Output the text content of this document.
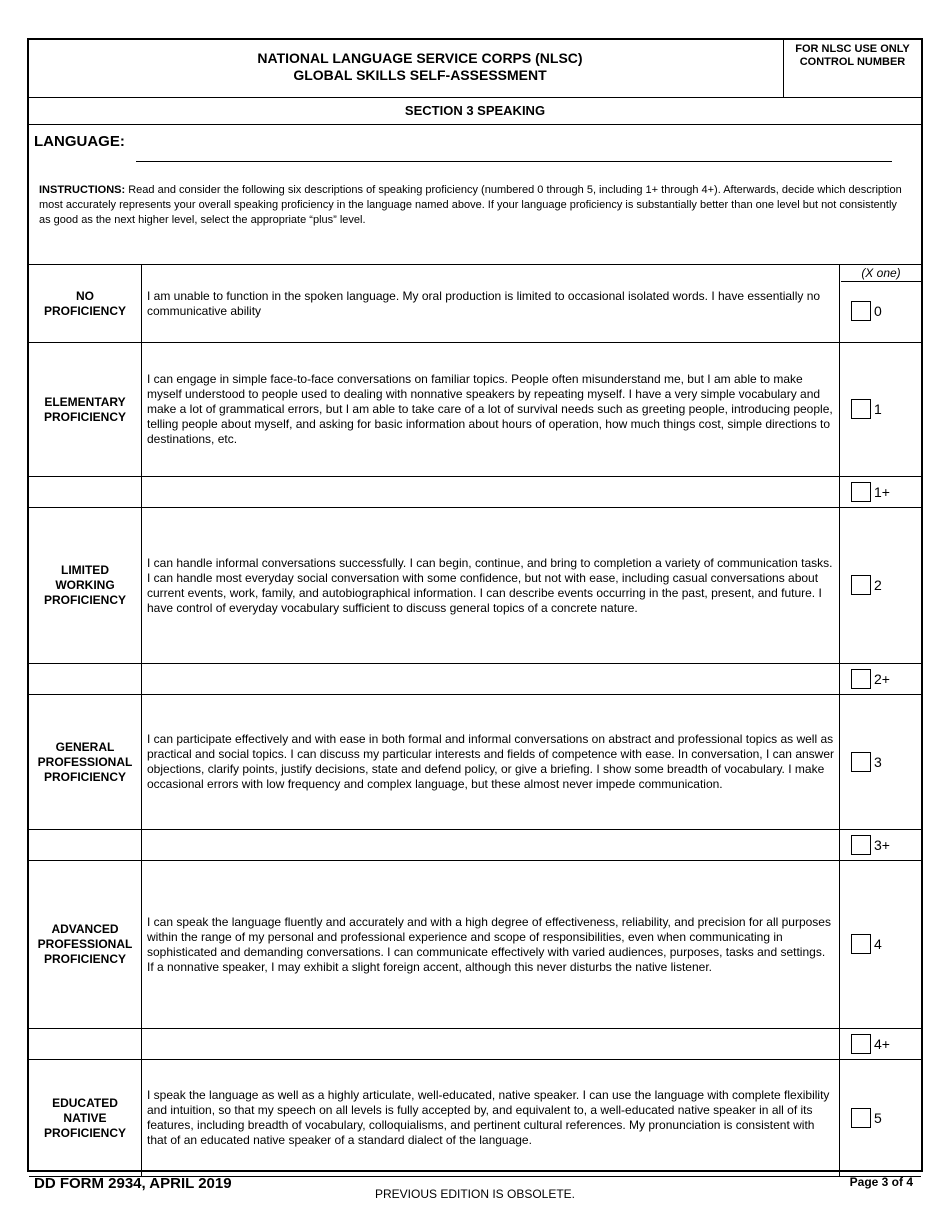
NATIONAL LANGUAGE SERVICE CORPS (NLSC)
GLOBAL SKILLS SELF-ASSESSMENT
FOR NLSC USE ONLY
CONTROL NUMBER
SECTION 3 SPEAKING
LANGUAGE:
INSTRUCTIONS: Read and consider the following six descriptions of speaking proficiency (numbered 0 through 5, including 1+ through 4+). Afterwards, decide which description most accurately represents your overall speaking proficiency in the language named above. If your language proficiency is substantially better than one level but not consistently as good as the next higher level, select the appropriate “plus” level.
NO
PROFICIENCY
I am unable to function in the spoken language. My oral production is limited to occasional isolated words. I have essentially no communicative ability
(X one)
0
ELEMENTARY
PROFICIENCY
I can engage in simple face-to-face conversations on familiar topics. People often misunderstand me, but I am able to make myself understood to people used to dealing with nonnative speakers by repeating myself. I have a very simple vocabulary and make a lot of grammatical errors, but I am able to take care of a lot of survival needs such as greeting people, introducing people, telling people about myself, and asking for basic information about hours of operation, how much things cost, simple directions to destinations, etc.
1
1+
LIMITED
WORKING
PROFICIENCY
I can handle informal conversations successfully. I can begin, continue, and bring to completion a variety of communication tasks. I can handle most everyday social conversation with some confidence, but not with ease, including casual conversations about current events, work, family, and autobiographical information. I can describe events occurring in the past, present, and future. I have control of everyday vocabulary sufficient to discuss general topics of a concrete nature.
2
2+
GENERAL
PROFESSIONAL
PROFICIENCY
I can participate effectively and with ease in both formal and informal conversations on abstract and professional topics as well as practical and social topics. I can discuss my particular interests and fields of competence with ease. In conversation, I can answer objections, clarify points, justify decisions, state and defend policy, or give a briefing. I show some breadth of vocabulary. I make occasional errors with low frequency and complex language, but these almost never impede communication.
3
3+
ADVANCED
PROFESSIONAL
PROFICIENCY
I can speak the language fluently and accurately and with a high degree of effectiveness, reliability, and precision for all purposes within the range of my personal and professional experience and scope of responsibilities, even when communicating in sophisticated and demanding conversations. I can communicate effectively with varied audiences, purposes, tasks and settings. If a nonnative speaker, I may exhibit a slight foreign accent, although this never disturbs the native listener.
4
4+
EDUCATED
NATIVE
PROFICIENCY
I speak the language as well as a highly articulate, well-educated, native speaker. I can use the language with complete flexibility and intuition, so that my speech on all levels is fully accepted by, and equivalent to, a well-educated native speaker in all of its features, including breadth of vocabulary, colloquialisms, and pertinent cultural references. My pronunciation is consistent with that of an educated native speaker of a standard dialect of the language.
5
DD FORM 2934, APRIL 2019
PREVIOUS EDITION IS OBSOLETE.
Page 3 of 4
